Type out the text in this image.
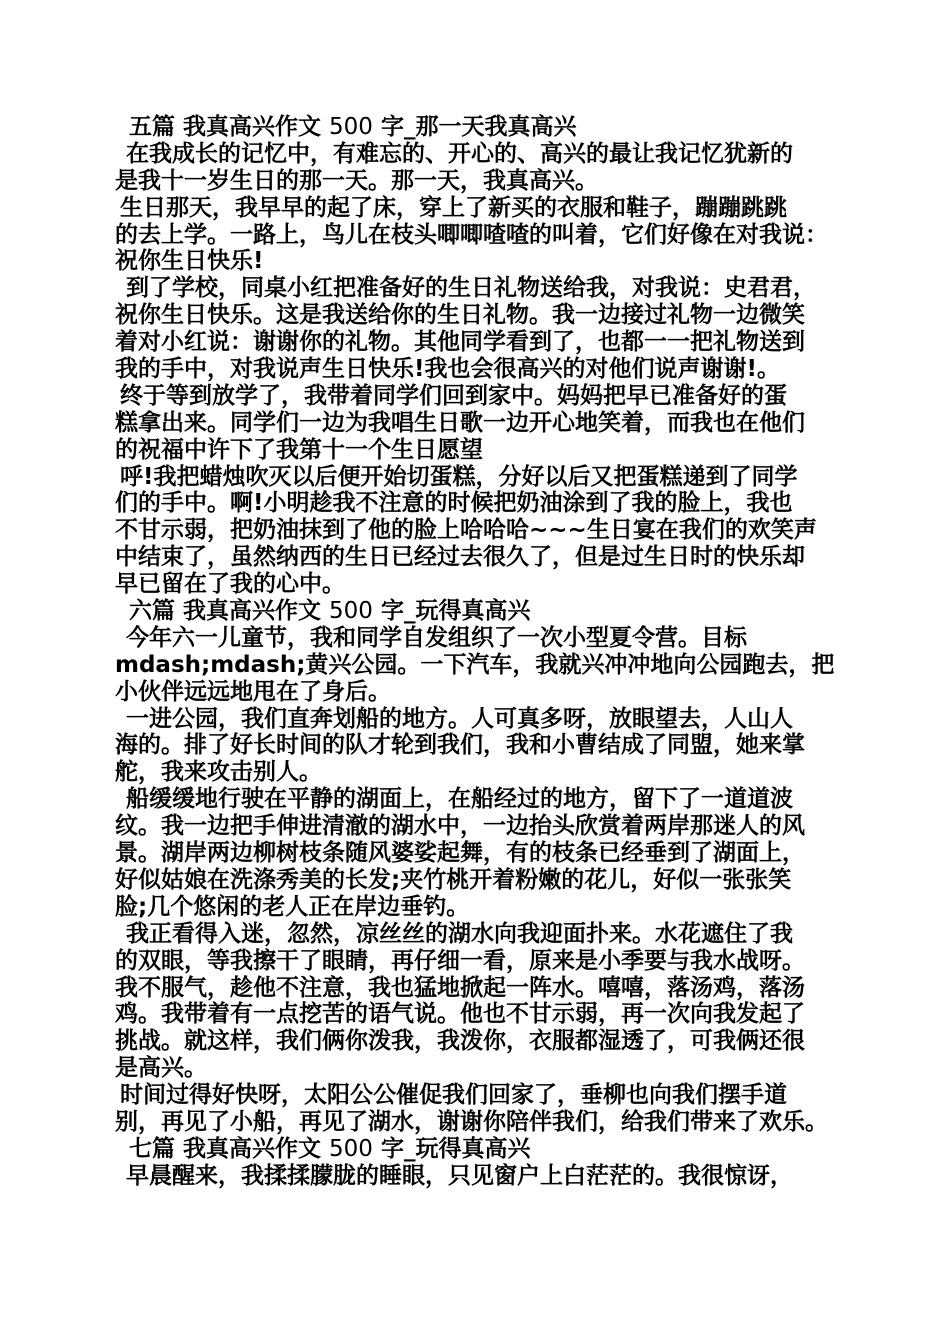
五篇 我真高兴作文 500 字_那一天我真高兴
在我成长的记忆中，有难忘的、开心的、高兴的最让我记忆犹新的
是我十一岁生日的那一天。那一天，我真高兴。
生日那天，我早早的起了床，穿上了新买的衣服和鞋子，蹦蹦跳跳
的去上学。一路上，鸟儿在枝头唧唧喳喳的叫着，它们好像在对我说：
祝你生日快乐!
到了学校，同桌小红把准备好的生日礼物送给我，对我说：史君君，
祝你生日快乐。这是我送给你的生日礼物。我一边接过礼物一边微笑
着对小红说：谢谢你的礼物。其他同学看到了，也都一一把礼物送到
我的手中，对我说声生日快乐!我也会很高兴的对他们说声谢谢!。
终于等到放学了，我带着同学们回到家中。妈妈把早已准备好的蛋
糕拿出来。同学们一边为我唱生日歌一边开心地笑着，而我也在他们
的祝福中许下了我第十一个生日愿望
呼!我把蜡烛吹灭以后便开始切蛋糕，分好以后又把蛋糕递到了同学
们的手中。啊!小明趁我不注意的时候把奶油涂到了我的脸上，我也
不甘示弱，把奶油抹到了他的脸上哈哈哈~~~生日宴在我们的欢笑声
中结束了，虽然纳西的生日已经过去很久了，但是过生日时的快乐却
早已留在了我的心中。
六篇 我真高兴作文 500 字_玩得真高兴
今年六一儿童节，我和同学自发组织了一次小型夏令营。目标
mdash;mdash;黄兴公园。一下汽车，我就兴冲冲地向公园跑去，把
小伙伴远远地甩在了身后。
一进公园，我们直奔划船的地方。人可真多呀，放眼望去，人山人
海的。排了好长时间的队才轮到我们，我和小曹结成了同盟，她来掌
舵，我来攻击别人。
船缓缓地行驶在平静的湖面上，在船经过的地方，留下了一道道波
纹。我一边把手伸进清澈的湖水中，一边抬头欣赏着两岸那迷人的风
景。湖岸两边柳树枝条随风婆娑起舞，有的枝条已经垂到了湖面上，
好似姑娘在洗涤秀美的长发;夹竹桃开着粉嫩的花儿，好似一张张笑
脸;几个悠闲的老人正在岸边垂钓。
我正看得入迷，忽然，凉丝丝的湖水向我迎面扑来。水花遮住了我
的双眼，等我擦干了眼睛，再仔细一看，原来是小季要与我水战呀。
我不服气，趁他不注意，我也猛地掀起一阵水。嘻嘻，落汤鸡，落汤
鸡。我带着有一点挖苦的语气说。他也不甘示弱，再一次向我发起了
挑战。就这样，我们俩你泼我，我泼你，衣服都湿透了，可我俩还很
是高兴。
时间过得好快呀，太阳公公催促我们回家了，垂柳也向我们摆手道
别，再见了小船，再见了湖水，谢谢你陪伴我们，给我们带来了欢乐。
七篇 我真高兴作文 500 字_玩得真高兴
早晨醒来，我揉揉朦胧的睡眼，只见窗户上白茫茫的。我很惊讶，
